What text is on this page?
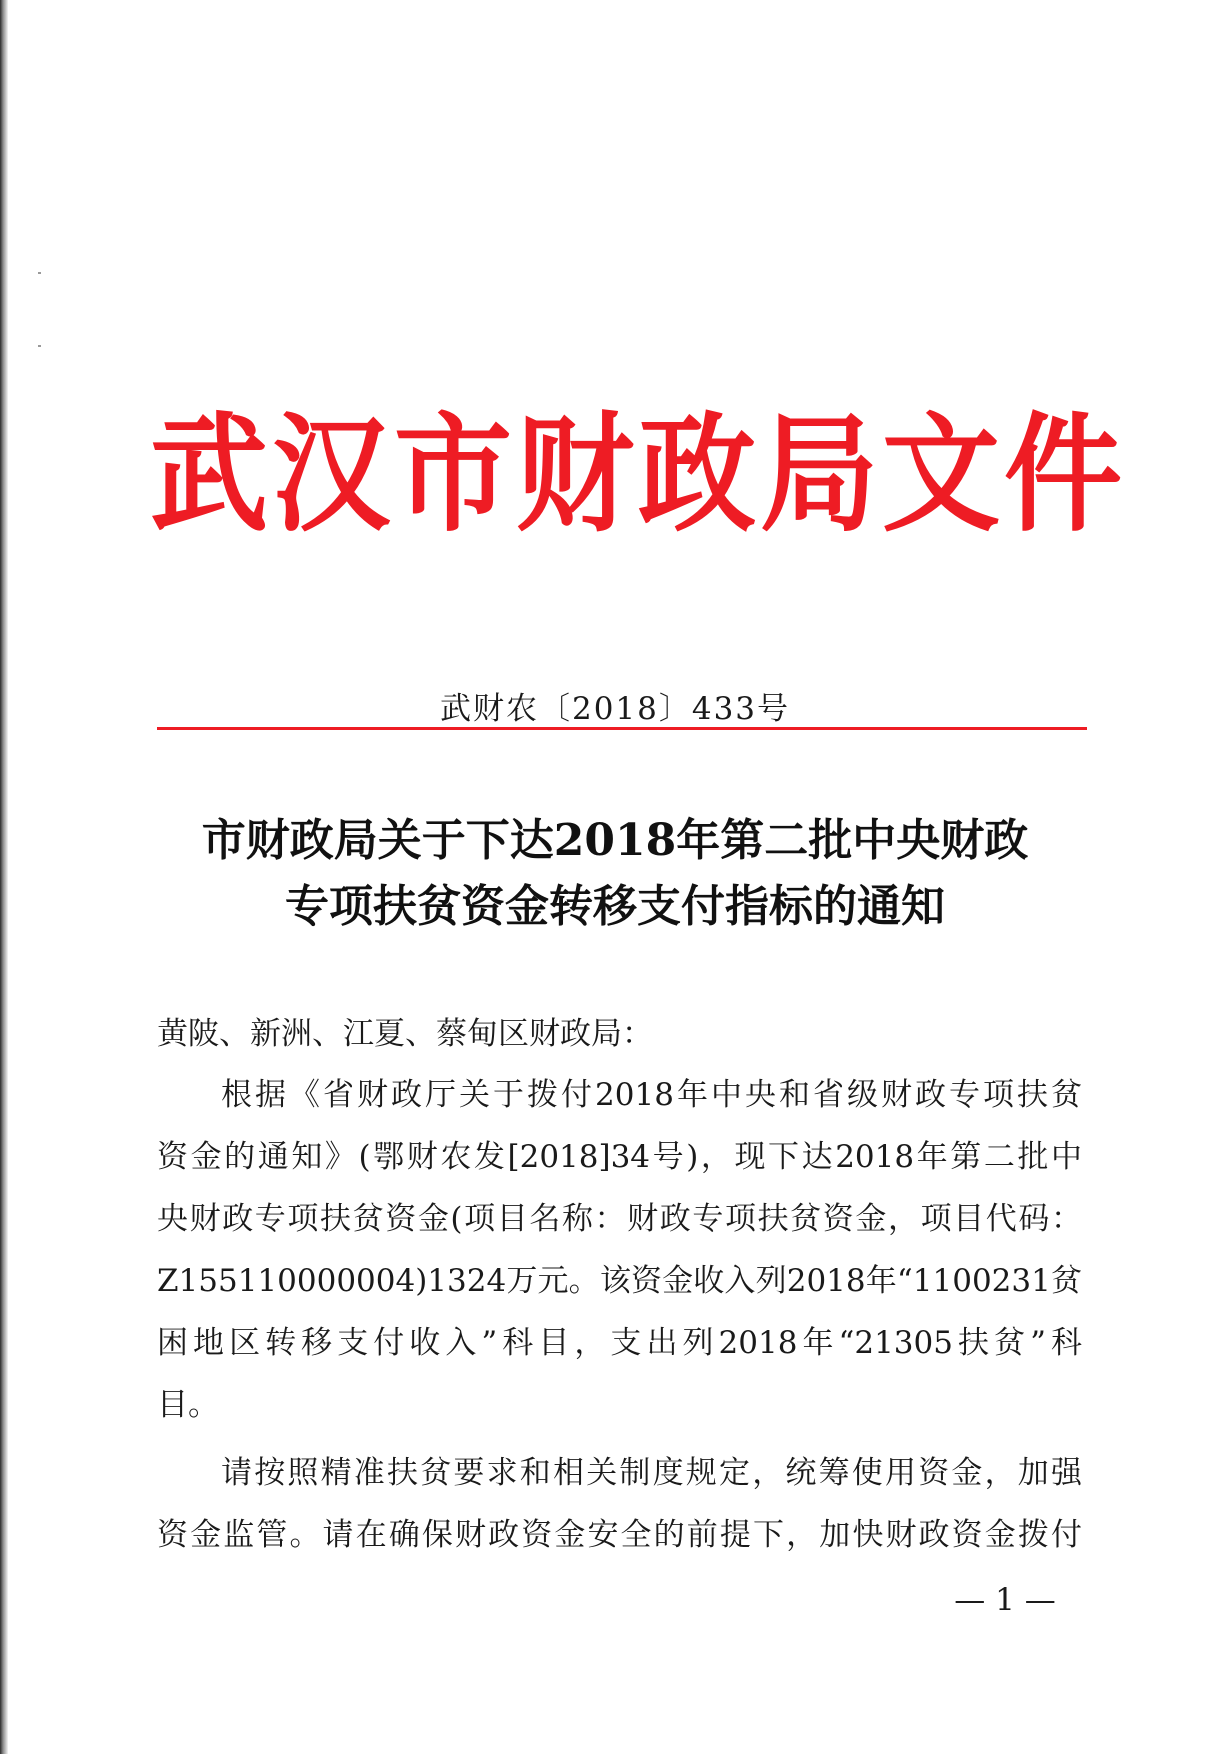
武汉市财政局文件
武财农〔2018〕433号
市财政局关于下达2018年第二批中央财政
专项扶贫资金转移支付指标的通知
黄陂、新洲、江夏、蔡甸区财政局：
根据《省财政厅关于拨付2018年中央和省级财政专项扶贫
资金的通知》(鄂财农发[2018]34号)，现下达2018年第二批中
央财政专项扶贫资金(项目名称：财政专项扶贫资金，项目代码：
Z155110000004)1324万元。该资金收入列2018年“1100231贫
困地区转移支付收入”科目，支出列2018年“21305扶贫”科
目。
请按照精准扶贫要求和相关制度规定，统筹使用资金，加强
资金监管。请在确保财政资金安全的前提下，加快财政资金拨付
— 1 —
